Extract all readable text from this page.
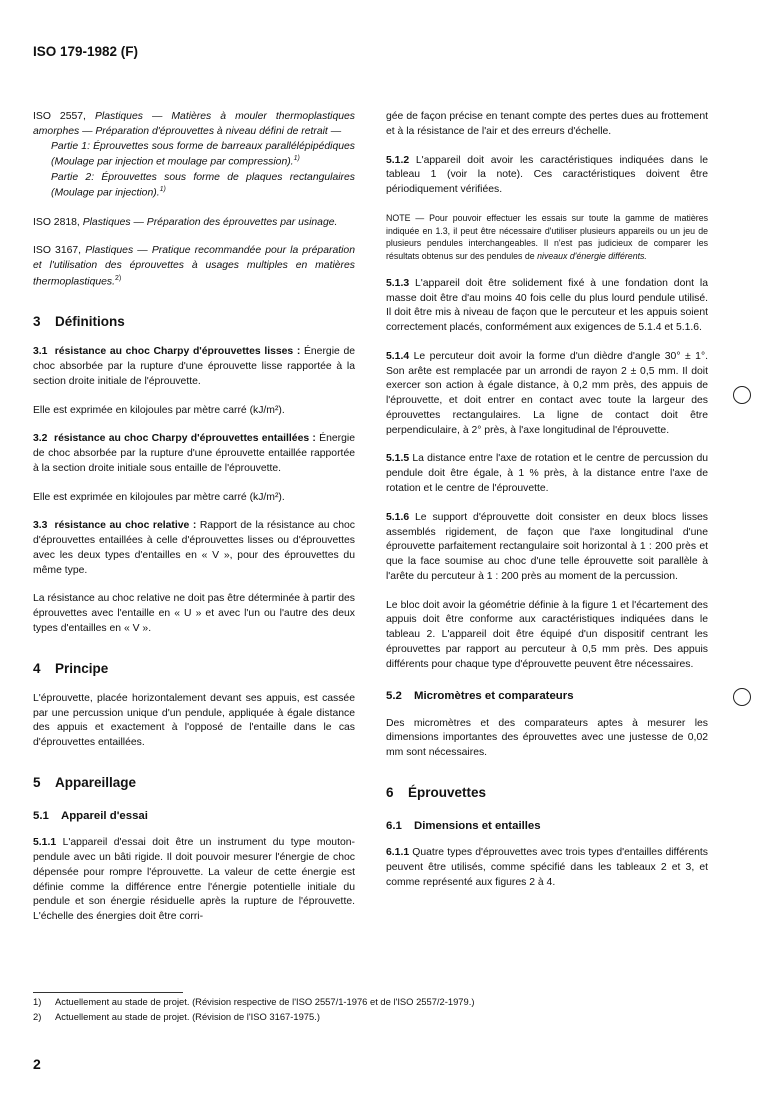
ISO 179-1982 (F)

ISO 2557, Plastiques — Matières à mouler thermoplastiques amorphes — Préparation d'éprouvettes à niveau défini de retrait —

Partie 1: Éprouvettes sous forme de barreaux parallélépipédiques (Moulage par injection et moulage par compression).$^{1)}$

Partie 2: Éprouvettes sous forme de plaques rectangulaires (Moulage par injection).$^{1)}$

ISO 2818, Plastiques — Préparation des éprouvettes par usinage.

ISO 3167, Plastiques — Pratique recommandée pour la préparation et l'utilisation des éprouvettes à usages multiples en matières thermoplastiques.$^{2)}$

3 Définitions

3.1 résistance au choc Charpy d'éprouvettes lisses : Énergie de choc absorbée par la rupture d'une éprouvette lisse rapportée à la section droite initiale de l'éprouvette.

Elle est exprimée en kilojoules par mètre carré (kJ/m²).

3.2 résistance au choc Charpy d'éprouvettes entaillées : Énergie de choc absorbée par la rupture d'une éprouvette entaillée rapportée à la section droite initiale sous entaille de l'éprouvette.

Elle est exprimée en kilojoules par mètre carré (kJ/m²).

3.3 résistance au choc relative : Rapport de la résistance au choc d'éprouvettes entaillées à celle d'éprouvettes lisses ou d'éprouvettes avec les deux types d'entailles en « V », pour des éprouvettes du même type.

La résistance au choc relative ne doit pas être déterminée à partir des éprouvettes avec l'entaille en « U » et avec l'un ou l'autre des deux types d'entailles en « V ».

4 Principe

L'éprouvette, placée horizontalement devant ses appuis, est cassée par une percussion unique d'un pendule, appliquée à égale distance des appuis et exactement à l'opposé de l'entaille dans le cas d'éprouvettes entaillées.

5 Appareillage
5.1 Appareil d'essai

5.1.1 L'appareil d'essai doit être un instrument du type mouton-pendule avec un bâti rigide. Il doit pouvoir mesurer l'énergie de choc dépensée pour rompre l'éprouvette. La valeur de cette énergie est définie comme la différence entre l'énergie potentielle initiale du pendule et son énergie résiduelle après la rupture de l'éprouvette. L'échelle des énergies doit être corri-

gée de façon précise en tenant compte des pertes dues au frottement et à la résistance de l'air et des erreurs d'échelle.

5.1.2 L'appareil doit avoir les caractéristiques indiquées dans le tableau 1 (voir la note). Ces caractéristiques doivent être périodiquement vérifiées.

NOTE — Pour pouvoir effectuer les essais sur toute la gamme de matières indiquée en 1.3, il peut être nécessaire d'utiliser plusieurs appareils ou un jeu de plusieurs pendules interchangeables. Il n'est pas judicieux de comparer les résultats obtenus sur des pendules de niveaux d'énergie différents.

5.1.3 L'appareil doit être solidement fixé à une fondation dont la masse doit être d'au moins 40 fois celle du plus lourd pendule utilisé. Il doit être mis à niveau de façon que le percuteur et les appuis soient correctement placés, conformément aux exigences de 5.1.4 et 5.1.6.

5.1.4 Le percuteur doit avoir la forme d'un dièdre d'angle 30° ± 1°. Son arête est remplacée par un arrondi de rayon 2 ± 0,5 mm. Il doit exercer son action à égale distance, à 0,2 mm près, des appuis de l'éprouvette, et doit entrer en contact avec toute la largeur des éprouvettes rectangulaires. La ligne de contact doit être perpendiculaire, à 2° près, à l'axe longitudinal de l'éprouvette.

5.1.5 La distance entre l'axe de rotation et le centre de percussion du pendule doit être égale, à 1 % près, à la distance entre l'axe de rotation et le centre de l'éprouvette.

5.1.6 Le support d'éprouvette doit consister en deux blocs lisses assemblés rigidement, de façon que l'axe longitudinal d'une éprouvette parfaitement rectangulaire soit horizontal à 1 : 200 près et que la face soumise au choc d'une telle éprouvette soit parallèle à l'arête du percuteur à 1 : 200 près au moment de la percussion.

Le bloc doit avoir la géométrie définie à la figure 1 et l'écartement des appuis doit être conforme aux caractéristiques indiquées dans le tableau 2. L'appareil doit être équipé d'un dispositif centrant les éprouvettes par rapport au percuteur à 0,5 mm près. Des appuis différents pour chaque type d'éprouvette peuvent être nécessaires.

5.2 Micromètres et comparateurs

Des micromètres et des comparateurs aptes à mesurer les dimensions importantes des éprouvettes avec une justesse de 0,02 mm sont nécessaires.

6 Éprouvettes
6.1 Dimensions et entailles

6.1.1 Quatre types d'éprouvettes avec trois types d'entailles différents peuvent être utilisés, comme spécifié dans les tableaux 2 et 3, et comme représenté aux figures 2 à 4.

1) Actuellement au stade de projet. (Révision respective de l'ISO 2557/1-1976 et de l'ISO 2557/2-1979.)
2) Actuellement au stade de projet. (Révision de l'ISO 3167-1975.)
2
